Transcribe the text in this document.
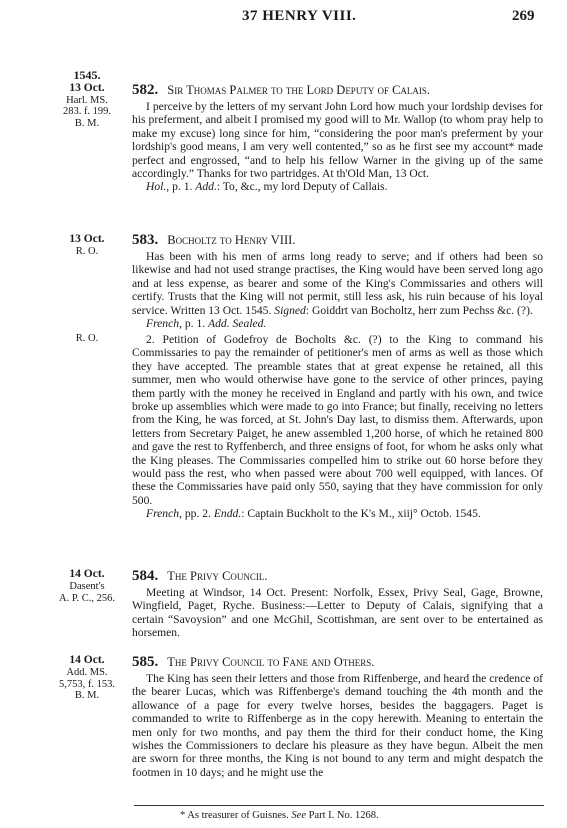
37 HENRY VIII.	269
1545.
13 Oct.
Harl. MS.
283. f. 199.
B. M.
582. Sir Thomas Palmer to the Lord Deputy of Calais.

I perceive by the letters of my servant John Lord how much your lordship devises for his preferment, and albeit I promised my good will to Mr. Wallop (to whom pray help to make my excuse) long since for him, “considering the poor man's preferment by your lordship's good means, I am very well contented,” so as he first see my account* made perfect and engrossed, “and to help his fellow Warner in the giving up of the same accordingly.” Thanks for two partridges. At th'Old Man, 13 Oct.

Hol., p. 1. Add.: To, &c., my lord Deputy of Callais.

13 Oct.
R. O.
583. Bocholtz to Henry VIII.

Has been with his men of arms long ready to serve; and if others had been so likewise and had not used strange practises, the King would have been served long ago and at less expense, as bearer and some of the King's Commissaries and others will certify. Trusts that the King will not permit, still less ask, his ruin because of his loyal service. Written 13 Oct. 1545. Signed: Goiddrt van Bocholtz, herr zum Pechss &c. (?).

French, p. 1. Add. Sealed.

R. O.	2. Petition of Godefroy de Bocholts &c. (?) to the King to command his Commissaries to pay the remainder of petitioner's men of arms as well as those which they have accepted. The preamble states that at great expense he retained, all this summer, men who would otherwise have gone to the service of other princes, paying them partly with the money he received in England and partly with his own, and twice broke up assemblies which were made to go into France; but finally, receiving no letters from the King, he was forced, at St. John's Day last, to dismiss them. Afterwards, upon letters from Secretary Paiget, he anew assembled 1,200 horse, of which he retained 800 and gave the rest to Ryffenberch, and three ensigns of foot, for whom he asks only what the King pleases. The Commissaries compelled him to strike out 60 horse before they would pass the rest, who when passed were about 700 well equipped, with lances. Of these the Commissaries have paid only 550, saying that they have commission for only 500.

French, pp. 2. Endd.: Captain Buckholt to the K's M., xiij° Octob. 1545.

14 Oct.
Dasent's
A. P. C., 256.
584. The Privy Council.

Meeting at Windsor, 14 Oct. Present: Norfolk, Essex, Privy Seal, Gage, Browne, Wingfield, Paget, Ryche. Business:—Letter to Deputy of Calais, signifying that a certain “Savoysion” and one McGhil, Scottishman, are sent over to be entertained as horsemen.

14 Oct.
Add. MS.
5,753, f. 153.
B. M.
585. The Privy Council to Fane and Others.

The King has seen their letters and those from Riffenberge, and heard the credence of the bearer Lucas, which was Riffenberge's demand touching the 4th month and the allowance of a page for every twelve horses, besides the baggagers. Paget is commanded to write to Riffenberge as in the copy herewith. Meaning to entertain the men only for two months, and pay them the third for their conduct home, the King wishes the Commissioners to declare his pleasure as they have begun. Albeit the men are sworn for three months, the King is not bound to any term and might despatch the footmen in 10 days; and he might use the

* As treasurer of Guisnes. See Part I. No. 1268.
